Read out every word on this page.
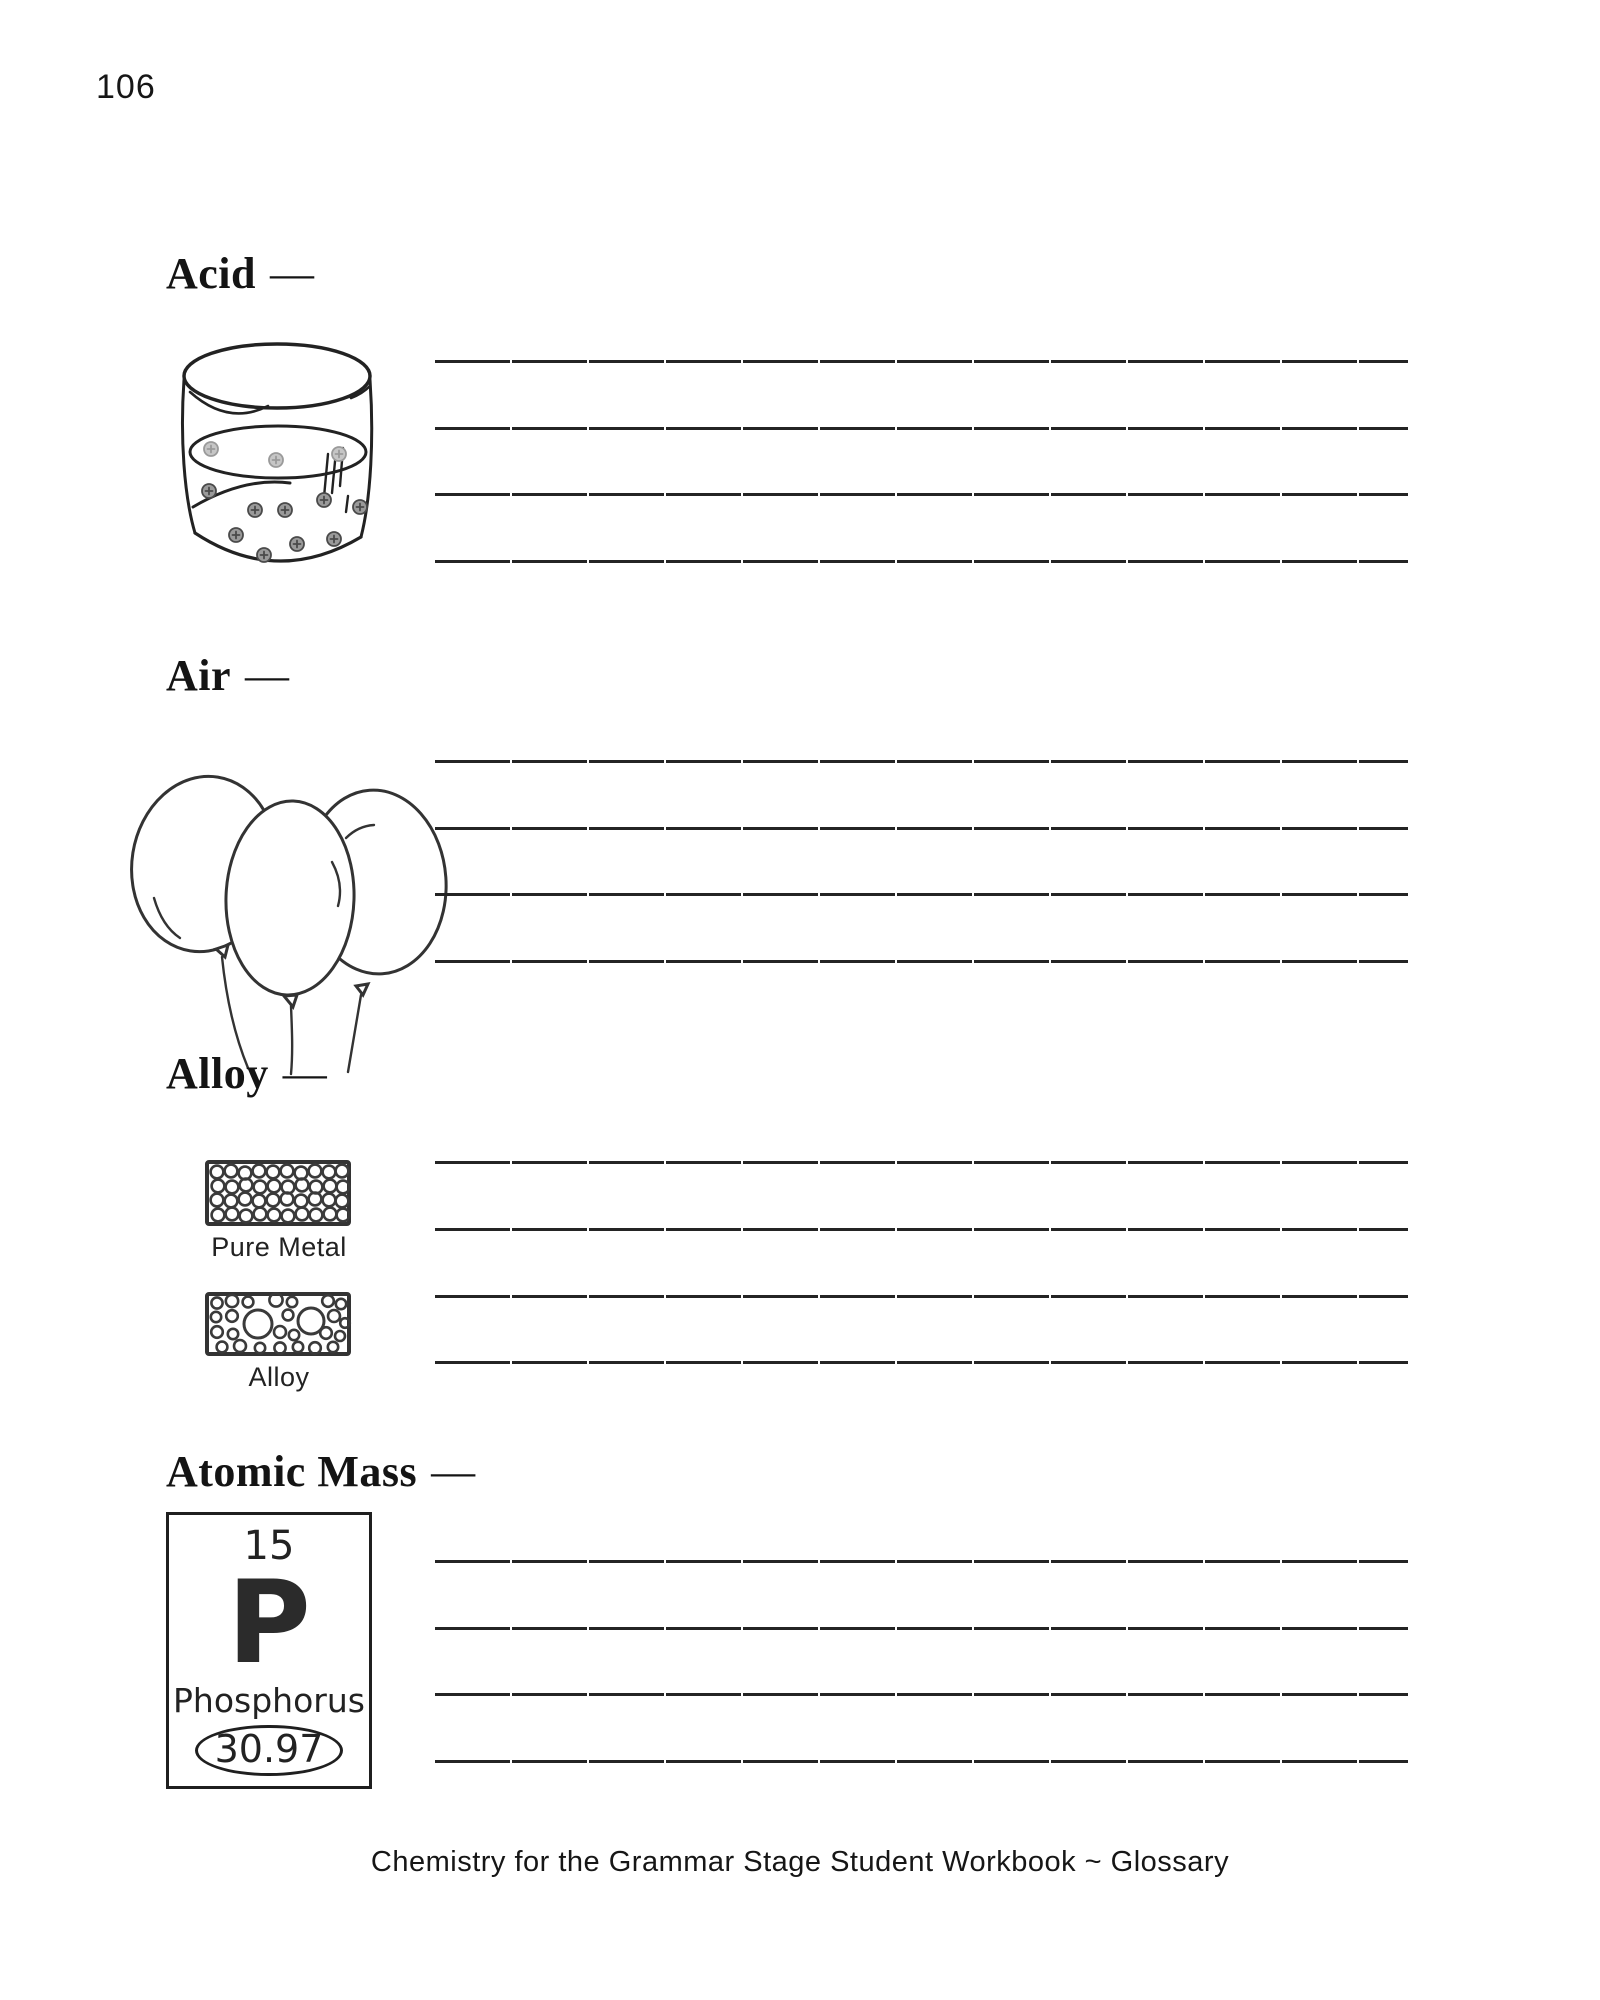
106
Acid —
Air —
Alloy —
Pure Metal
Alloy
Atomic Mass —
15
P
Phosphorus
30.97
Chemistry for the Grammar Stage Student Workbook ~ Glossary
